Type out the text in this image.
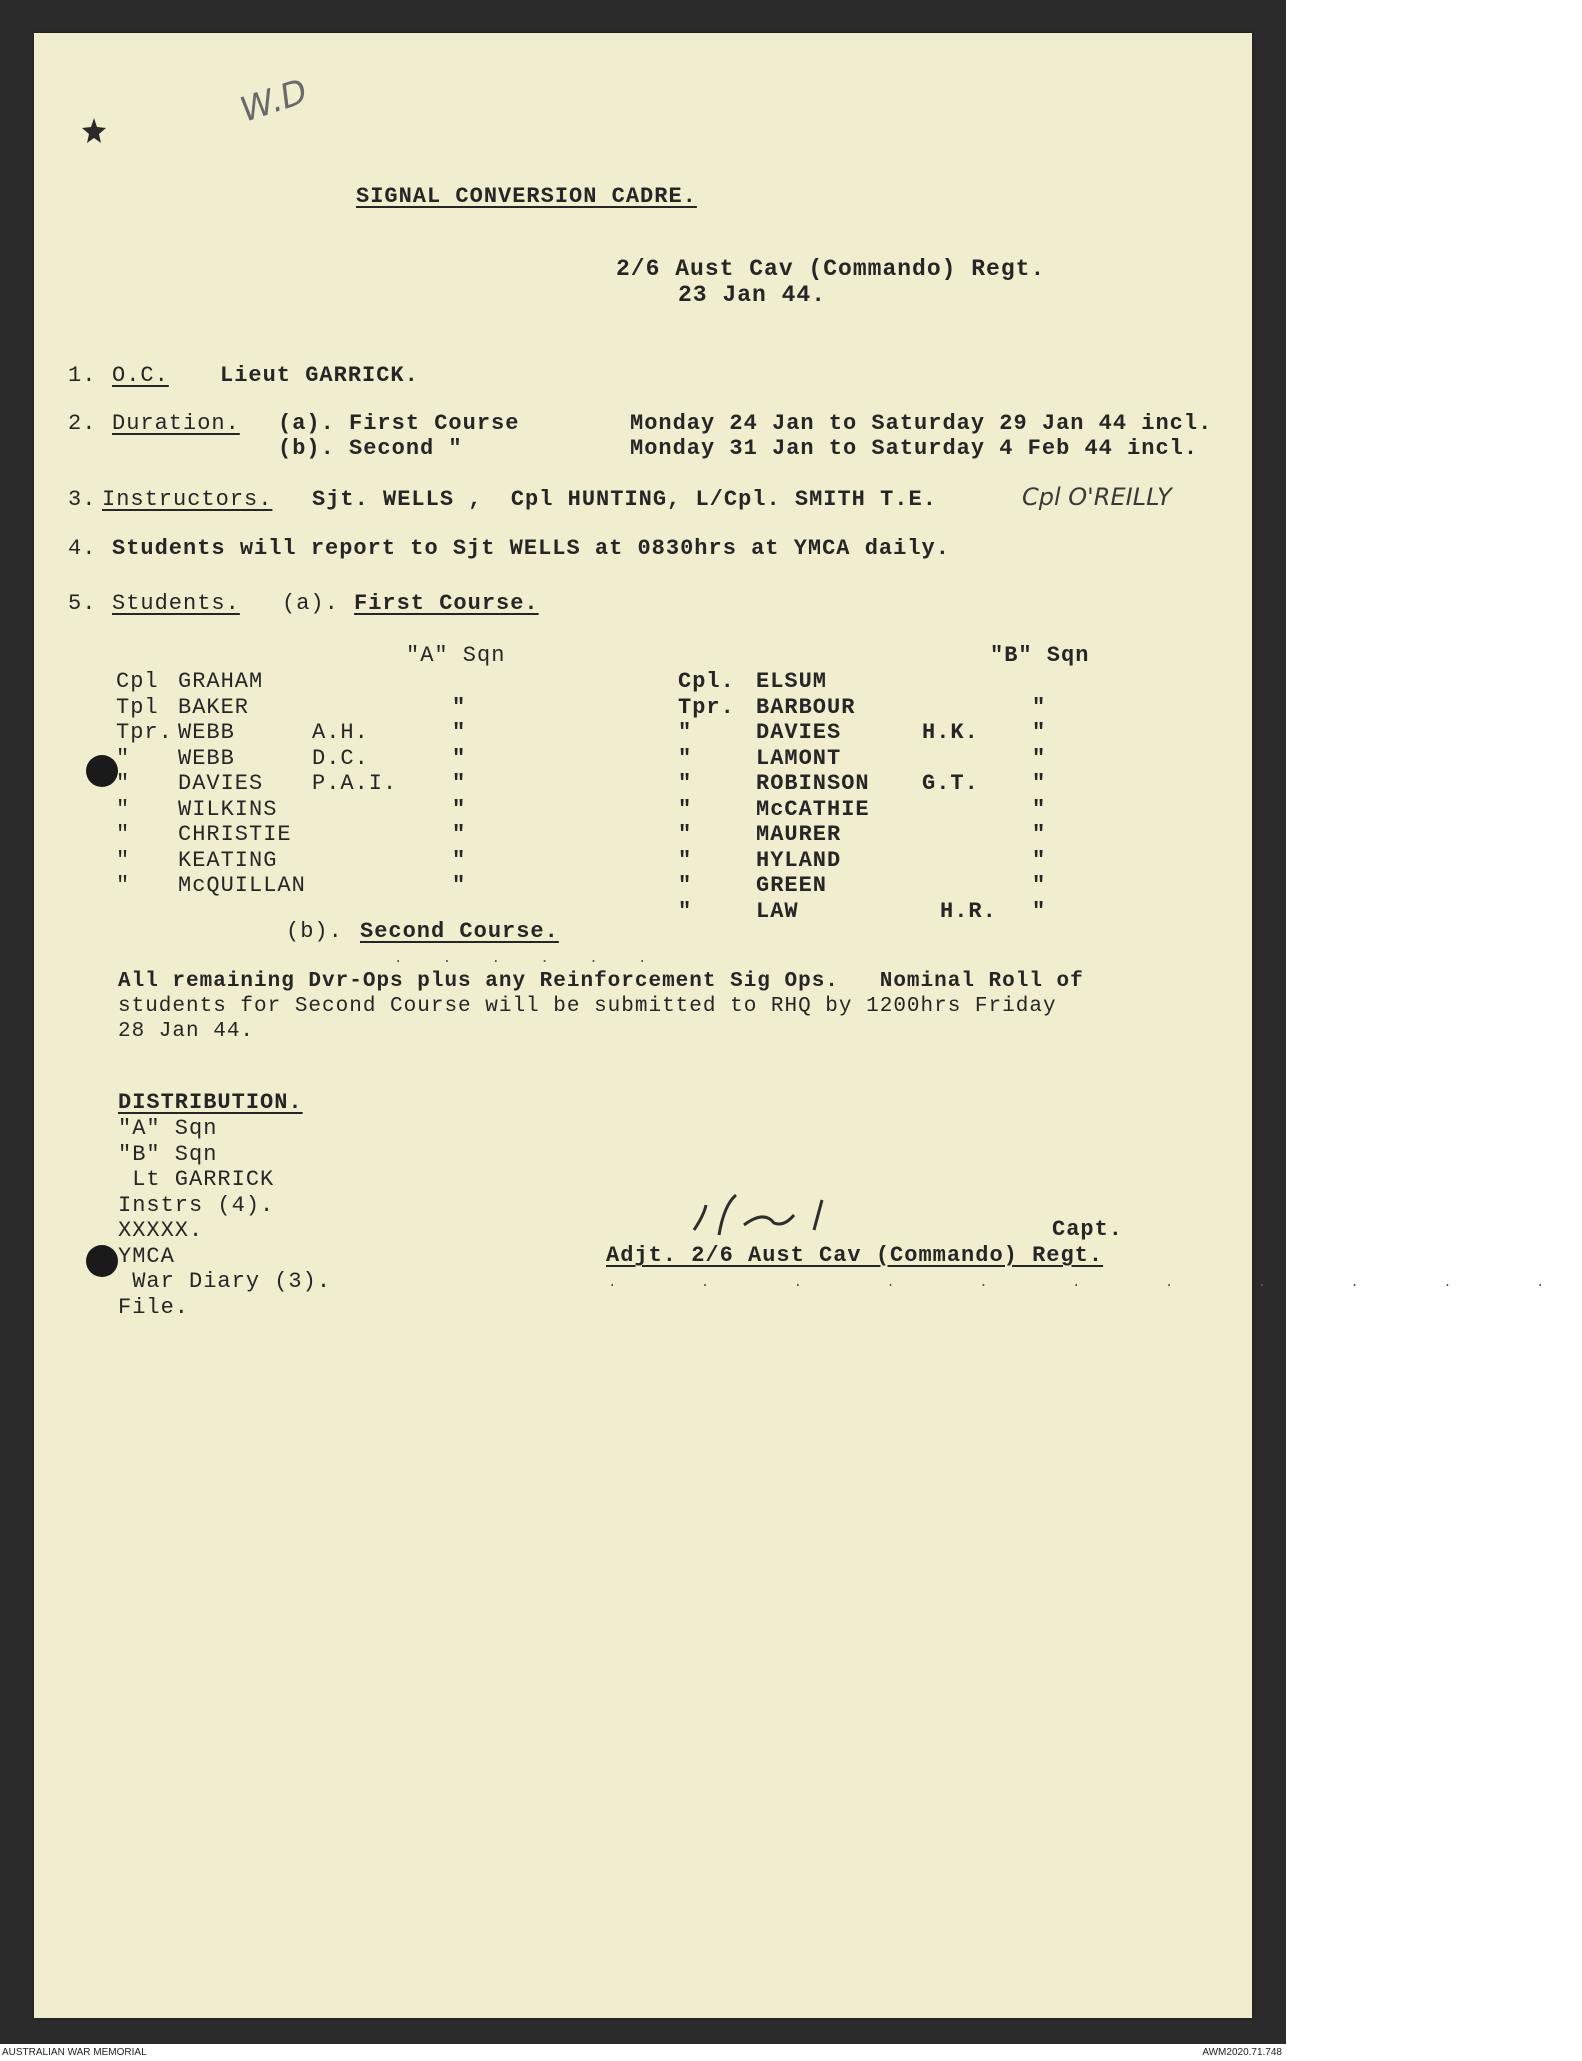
W.D
SIGNAL CONVERSION CADRE.
2/6 Aust Cav (Commando) Regt.
23 Jan 44.
1. O.C. Lieut GARRICK.
2. Duration. (a). First Course	Monday 24 Jan to Saturday 29 Jan 44 incl.
(b). Second "	Monday 31 Jan to Saturday 4 Feb 44 incl.
3. Instructors. Sjt. WELLS ,  Cpl HUNTING, L/Cpl. SMITH T.E.	Cpl O'REILLY
4. Students will report to Sjt WELLS at 0830hrs at YMCA daily.
5. Students. (a). First Course.
"A" Sqn	"B" Sqn
Cpl GRAHAM
Tpl BAKER	"
Tpr. WEBB	A.H.	"
" WEBB	D.C.	"
" DAVIES P.A.I. "
" WILKINS	"
" CHRISTIE	"
" KEATING	"
" McQUILLAN	"
Cpl. ELSUM
Tpr. BARBOUR	"
"	DAVIES	H.K. "
"	LAMONT	"
"	ROBINSON G.T. "
"	McCATHIE	"
"	MAURER	"
"	HYLAND	"
"	GREEN	"
"	LAW	H.R. "
(b). Second Course.
. . . . . .
All remaining Dvr-Ops plus any Reinforcement Sig Ops.   Nominal Roll of
students for Second Course will be submitted to RHQ by 1200hrs Friday
28 Jan 44.
DISTRIBUTION.
"A" Sqn
"B" Sqn
Lt GARRICK
Instrs (4).
XXXXX.
YMCA
War Diary (3).
File.
Capt.
Adjt. 2/6 Aust Cav (Commando) Regt.
. . . . . . . . . . .
AUSTRALIAN WAR MEMORIAL	AWM2020.71.748
